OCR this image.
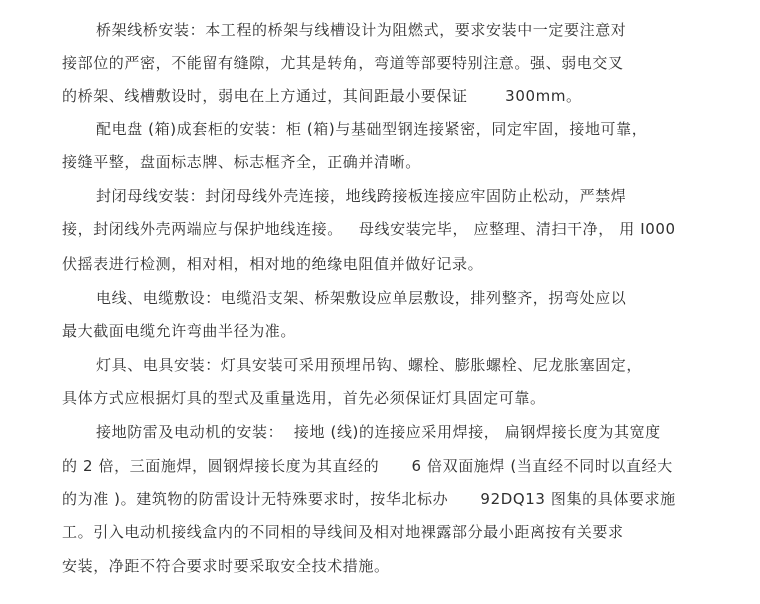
桥架线桥安装：本工程的桥架与线槽设计为阻燃式，要求安装中一定要注意对
接部位的严密，不能留有缝隙，尤其是转角，弯道等部要特别注意。强、弱电交叉
的桥架、线槽敷设时，弱电在上方通过，其间距最小要保证       300mm。
配电盘 (箱)成套柜的安装：柜 (箱)与基础型钢连接紧密，同定牢固，接地可靠，
接缝平整，盘面标志牌、标志框齐全，正确并清晰。
封闭母线安装：封闭母线外壳连接，地线跨接板连接应牢固防止松动，严禁焊
接，封闭线外壳两端应与保护地线连接。   母线安装完毕， 应整理、清扫干净， 用 I000
伏摇表进行检测，相对相，相对地的绝缘电阻值并做好记录。
电线、电缆敷设：电缆沿支架、桥架敷设应单层敷设，排列整齐，拐弯处应以
最大截面电缆允许弯曲半径为准。
灯具、电具安装：灯具安装可采用预埋吊钩、螺栓、膨胀螺栓、尼龙胀塞固定，
具体方式应根据灯具的型式及重量选用，首先必须保证灯具固定可靠。
接地防雷及电动机的安装：  接地 (线)的连接应采用焊接， 扁钢焊接长度为其宽度
的 2 倍，三面施焊，圆钢焊接长度为其直经的      6 倍双面施焊 (当直经不同时以直经大
的为准 )。建筑物的防雷设计无特殊要求时，按华北标办      92DQ13 图集的具体要求施
工。引入电动机接线盒内的不同相的导线间及相对地裸露部分最小距离按有关要求
安装，净距不符合要求时要采取安全技术措施。
